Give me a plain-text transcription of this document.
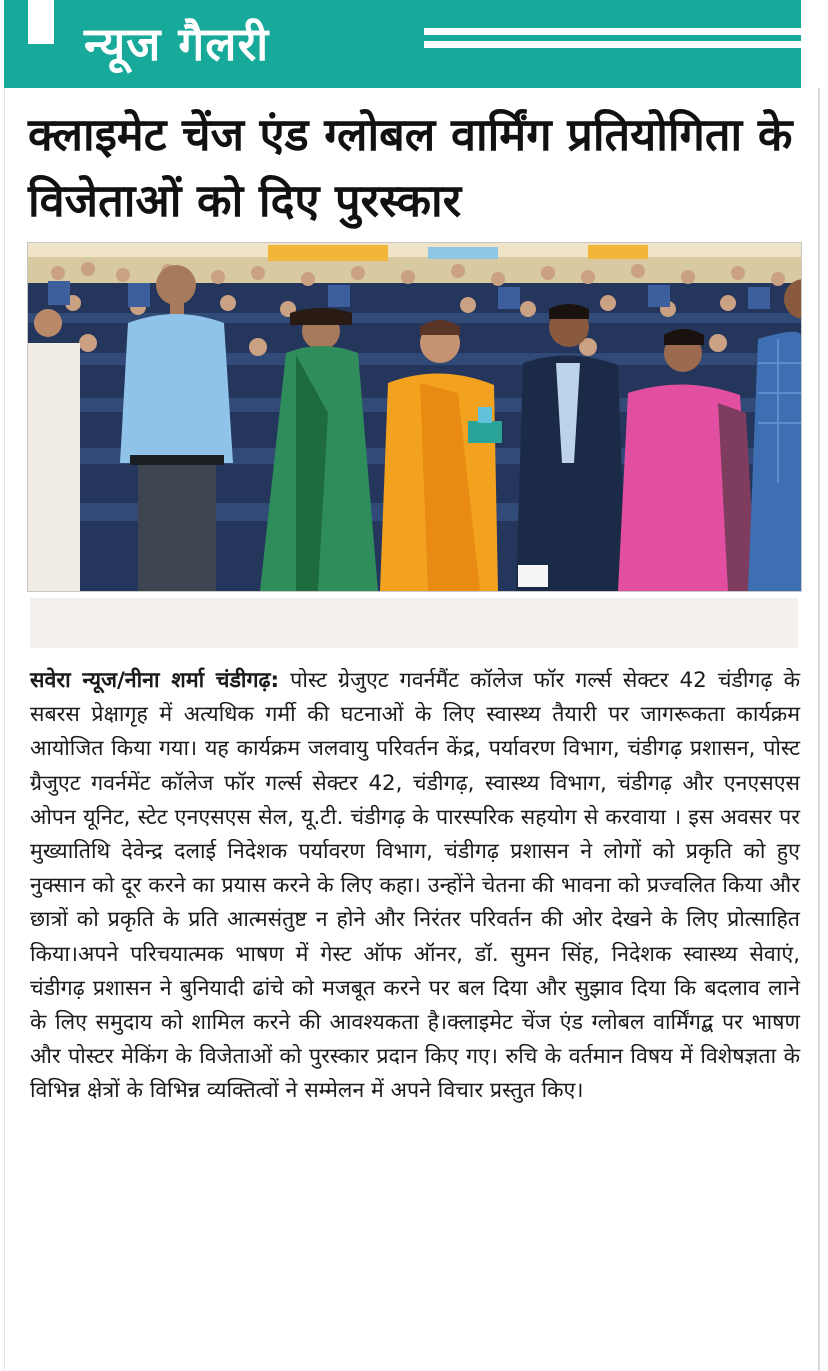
न्यूज गैलरी
क्लाइमेट चेंज एंड ग्लोबल वार्मिंग प्रतियोगिता के विजेताओं को दिए पुरस्कार

सवेरा न्यूज/नीना शर्मा चंडीगढ़: पोस्ट ग्रेजुएट गवर्नमैंट कॉलेज फॉर गर्ल्स सेक्टर 42 चंडीगढ़ के सबरस प्रेक्षागृह में अत्यधिक गर्मी की घटनाओं के लिए स्वास्थ्य तैयारी पर जागरूकता कार्यक्रम आयोजित किया गया। यह कार्यक्रम जलवायु परिवर्तन केंद्र, पर्यावरण विभाग, चंडीगढ़ प्रशासन, पोस्ट ग्रैजुएट गवर्नमेंट कॉलेज फॉर गर्ल्स सेक्टर 42, चंडीगढ़, स्वास्थ्य विभाग, चंडीगढ़ और एनएसएस ओपन यूनिट, स्टेट एनएसएस सेल, यू.टी. चंडीगढ़ के पारस्परिक सहयोग से करवाया । इस अवसर पर मुख्यातिथि देवेन्द्र दलाई निदेशक पर्यावरण विभाग, चंडीगढ़ प्रशासन ने लोगों को प्रकृति को हुए नुक्सान को दूर करने का प्रयास करने के लिए कहा। उन्होंने चेतना की भावना को प्रज्वलित किया और छात्रों को प्रकृति के प्रति आत्मसंतुष्ट न होने और निरंतर परिवर्तन की ओर देखने के लिए प्रोत्साहित किया।अपने परिचयात्मक भाषण में गेस्ट ऑफ ऑनर, डॉ. सुमन सिंह, निदेशक स्वास्थ्य सेवाएं, चंडीगढ़ प्रशासन ने बुनियादी ढांचे को मजबूत करने पर बल दिया और सुझाव दिया कि बदलाव लाने के लिए समुदाय को शामिल करने की आवश्यकता है।क्लाइमेट चेंज एंड ग्लोबल वार्मिंगद्ब पर भाषण और पोस्टर मेकिंग के विजेताओं को पुरस्कार प्रदान किए गए। रुचि के वर्तमान विषय में विशेषज्ञता के विभिन्न क्षेत्रों के विभिन्न व्यक्तित्वों ने सम्मेलन में अपने विचार प्रस्तुत किए।
